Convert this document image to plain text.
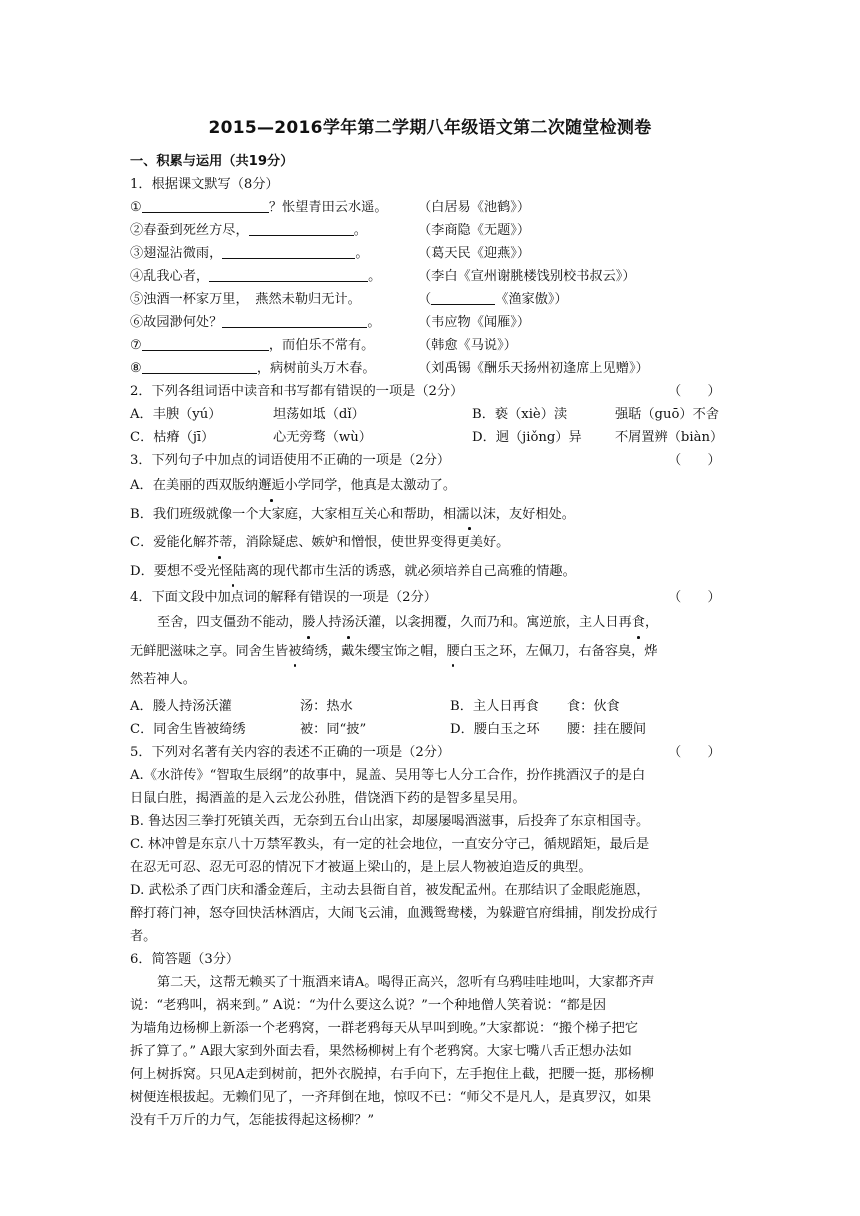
2015—2016学年第二学期八年级语文第二次随堂检测卷
一、积累与运用（共19分）
1．根据课文默写（8分）
①	？怅望青田云水遥。 （白居易《池鹤》）
②春蚕到死丝方尽，	。	（李商隐《无题》）
③翅湿沾微雨，	。	（葛天民《迎燕》）
④乱我心者，	。	（李白《宣州谢脁楼饯别校书叔云》）
⑤浊酒一杯家万里，　燕然未勒归无计。	（	《渔家傲》）
⑥故园渺何处？	。	（韦应物《闻雁》）
⑦	，而伯乐不常有。	（韩愈《马说》）
⑧	，病树前头万木春。	（刘禹锡《酬乐天扬州初逢席上见赠》）
2．下列各组词语中读音和书写都有错误的一项是（2分）	（　　）
A．丰腴（yú）	坦荡如坻（dǐ）	B．亵（xiè）渎	强聒（guō）不舍
C．枯瘠（jī）	心无旁骛（wù）	D．迥（jiǒng）异	不屑置辨（biàn）
3．下列句子中加点的词语使用不正确的一项是（2分）	（　　）
A．在美丽的西双版纳邂逅小学同学，他真是太激动了。
B．我们班级就像一个大家庭，大家相互关心和帮助，相濡以沫，友好相处。
C．爱能化解芥蒂，消除疑虑、嫉妒和憎恨，使世界变得更美好。
D．要想不受光怪陆离的现代都市生活的诱惑，就必须培养自己高雅的情趣。
4．下面文段中加点词的解释有错误的一项是（2分）	（　　）
至舍，四支僵劲不能动，媵人持汤沃灌，以衾拥覆，久而乃和。寓逆旅，主人日再食，
无鲜肥滋味之享。同舍生皆被绮绣，戴朱缨宝饰之帽，腰白玉之环，左佩刀，右备容臭，烨
然若神人。
A．媵人持汤沃灌	汤：热水	B．主人日再食 食：伙食
C．同舍生皆被绮绣	被：同“披”	D．腰白玉之环 腰：挂在腰间
5．下列对名著有关内容的表述不正确的一项是（2分）	（　　）
A.《水浒传》“智取生辰纲”的故事中，晁盖、吴用等七人分工合作，扮作挑酒汉子的是白
日鼠白胜，揭酒盖的是入云龙公孙胜，借饶酒下药的是智多星吴用。
B. 鲁达因三拳打死镇关西，无奈到五台山出家，却屡屡喝酒滋事，后投奔了东京相国寺。
C. 林冲曾是东京八十万禁军教头，有一定的社会地位，一直安分守己，循规蹈矩，最后是
在忍无可忍、忍无可忍的情况下才被逼上梁山的，是上层人物被迫造反的典型。
D. 武松杀了西门庆和潘金莲后，主动去县衙自首，被发配孟州。在那结识了金眼彪施恩，
醉打蒋门神，怒夺回快活林酒店，大闹飞云浦，血溅鸳鸯楼，为躲避官府缉捕，削发扮成行
者。
6．简答题（3分）
第二天，这帮无赖买了十瓶酒来请A。喝得正高兴，忽听有乌鸦哇哇地叫，大家都齐声
说：“老鸦叫，祸来到。” A说：“为什么要这么说？”一个种地僧人笑着说：“都是因
为墙角边杨柳上新添一个老鸦窝，一群老鸦每天从早叫到晚。”大家都说：“搬个梯子把它
拆了算了。” A跟大家到外面去看，果然杨柳树上有个老鸦窝。大家七嘴八舌正想办法如
何上树拆窝。只见A走到树前，把外衣脱掉，右手向下，左手抱住上截，把腰一挺，那杨柳
树便连根拔起。无赖们见了，一齐拜倒在地，惊叹不已：“师父不是凡人，是真罗汉，如果
没有千万斤的力气，怎能拔得起这杨柳？”
